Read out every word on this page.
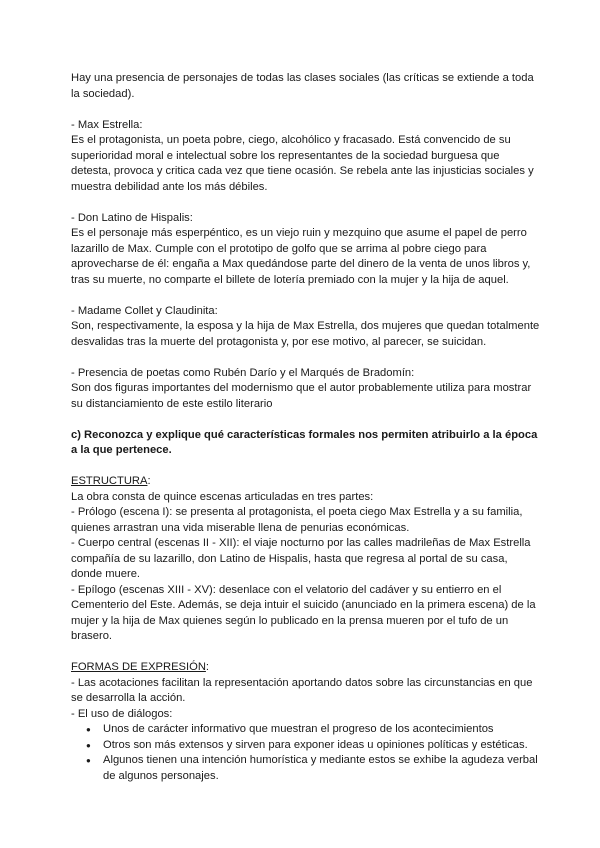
Hay una presencia de personajes de todas las clases sociales (las críticas se extiende a toda la sociedad).

- Max Estrella:

Es el protagonista, un poeta pobre, ciego, alcohólico y fracasado. Está convencido de su superioridad moral e intelectual sobre los representantes de la sociedad burguesa que detesta, provoca y critica cada vez que tiene ocasión. Se rebela ante las injusticias sociales y muestra debilidad ante los más débiles.

- Don Latino de Hispalis:

Es el personaje más esperpéntico, es un viejo ruin y mezquino que asume el papel de perro lazarillo de Max. Cumple con el prototipo de golfo que se arrima al pobre ciego para aprovecharse de él: engaña a Max quedándose parte del dinero de la venta de unos libros y, tras su muerte, no comparte el billete de lotería premiado con la mujer y la hija de aquel.

- Madame Collet y Claudinita:

Son, respectivamente, la esposa y la hija de Max Estrella, dos mujeres que quedan totalmente desvalidas tras la muerte del protagonista y, por ese motivo, al parecer, se suicidan.

- Presencia de poetas como Rubén Darío y el Marqués de Bradomín:

Son dos figuras importantes del modernismo que el autor probablemente utiliza para mostrar su distanciamiento de este estilo literario

c) Reconozca y explique qué características formales nos permiten atribuirlo a la época a la que pertenece.

ESTRUCTURA:

La obra consta de quince escenas articuladas en tres partes:

- Prólogo (escena I): se presenta al protagonista, el poeta ciego Max Estrella y a su familia, quienes arrastran una vida miserable llena de penurias económicas.

- Cuerpo central (escenas II - XII): el viaje nocturno por las calles madrileñas de Max Estrella compañía de su lazarillo, don Latino de Hispalis, hasta que regresa al portal de su casa, donde muere.

- Epílogo (escenas XIII - XV): desenlace con el velatorio del cadáver y su entierro en el Cementerio del Este. Además, se deja intuir el suicido (anunciado en la primera escena) de la mujer y la hija de Max quienes según lo publicado en la prensa mueren por el tufo de un brasero.

FORMAS DE EXPRESIÓN:

- Las acotaciones facilitan la representación aportando datos sobre las circunstancias en que se desarrolla la acción.

- El uso de diálogos:

● Unos de carácter informativo que muestran el progreso de los acontecimientos
● Otros son más extensos y sirven para exponer ideas u opiniones políticas y estéticas.
● Algunos tienen una intención humorística y mediante estos se exhibe la agudeza verbal de algunos personajes.
